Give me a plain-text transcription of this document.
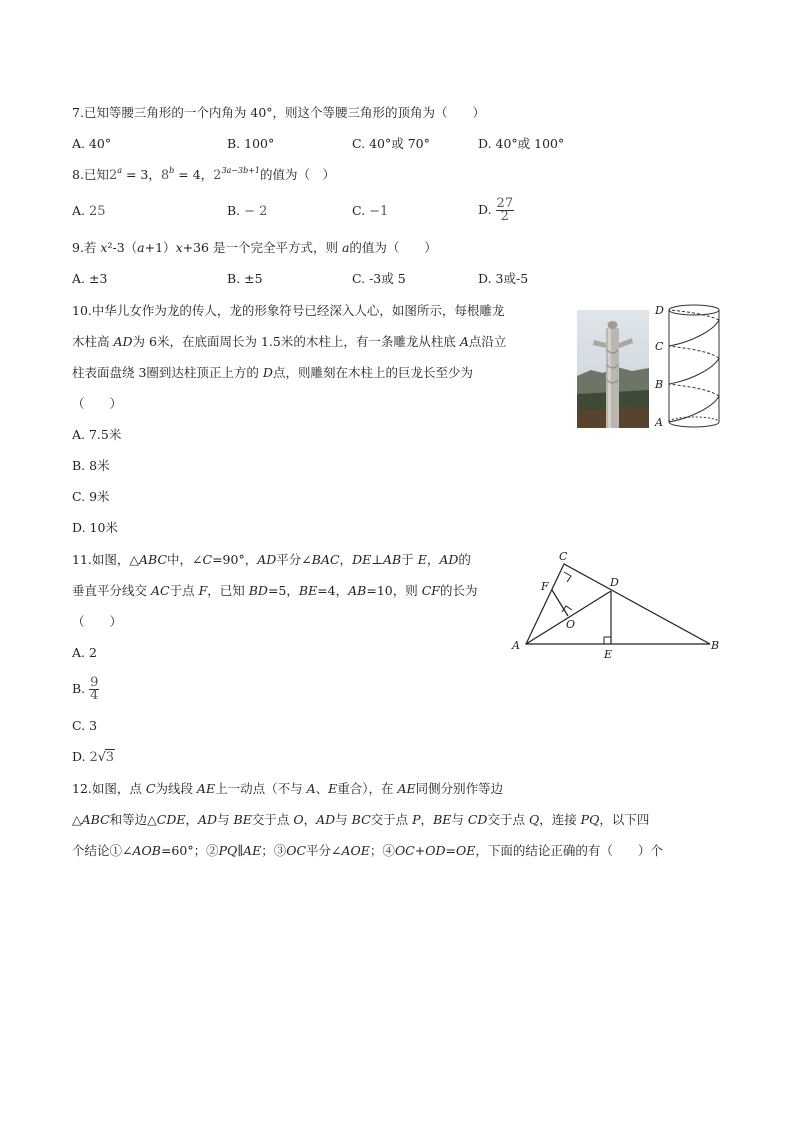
7.已知等腰三角形的一个内角为 40°，则这个等腰三角形的顶角为（　　）
A. 40°	B. 100°	C. 40°或 70°	D. 40°或 100°
8.已知$2^a = 3$，$8^b = 4$，$2^{3a-3b+1}$的值为（　）
A. 25	B. − 2	C. −1	D. $\frac{27}{2}$
9.若 x²-3（a+1）x+36 是一个完全平方式，则 a的值为（　　）
A. ±3	B. ±5	C. -3或 5	D. 3或-5
10.中华儿女作为龙的传人，龙的形象符号已经深入人心，如图所示，每根雕龙
木柱高 AD为 6米，在底面周长为 1.5米的木柱上，有一条雕龙从柱底 A点沿立
柱表面盘绕 3圈到达柱顶正上方的 D点，则雕刻在木柱上的巨龙长至少为
（　　）
A. 7.5米
B. 8米
C. 9米
D. 10米
D
C
B
A
11.如图，△ABC中，∠C=90°，AD平分∠BAC，DE⊥AB于 E，AD的
垂直平分线交 AC于点 F，已知 BD=5，BE=4，AB=10，则 CF的长为
（　　）
A. 2
B. $\frac{9}{4}$
C. 3
D. 2√3
C
D
F
O
A
E
B
12.如图，点 C为线段 AE上一动点（不与 A、E重合），在 AE同侧分别作等边
△ABC和等边△CDE，AD与 BE交于点 O，AD与 BC交于点 P，BE与 CD交于点 Q，连接 PQ，以下四
个结论①∠AOB=60°；②PQ∥AE；③OC平分∠AOE；④OC+OD=OE，下面的结论正确的有（　　）个
